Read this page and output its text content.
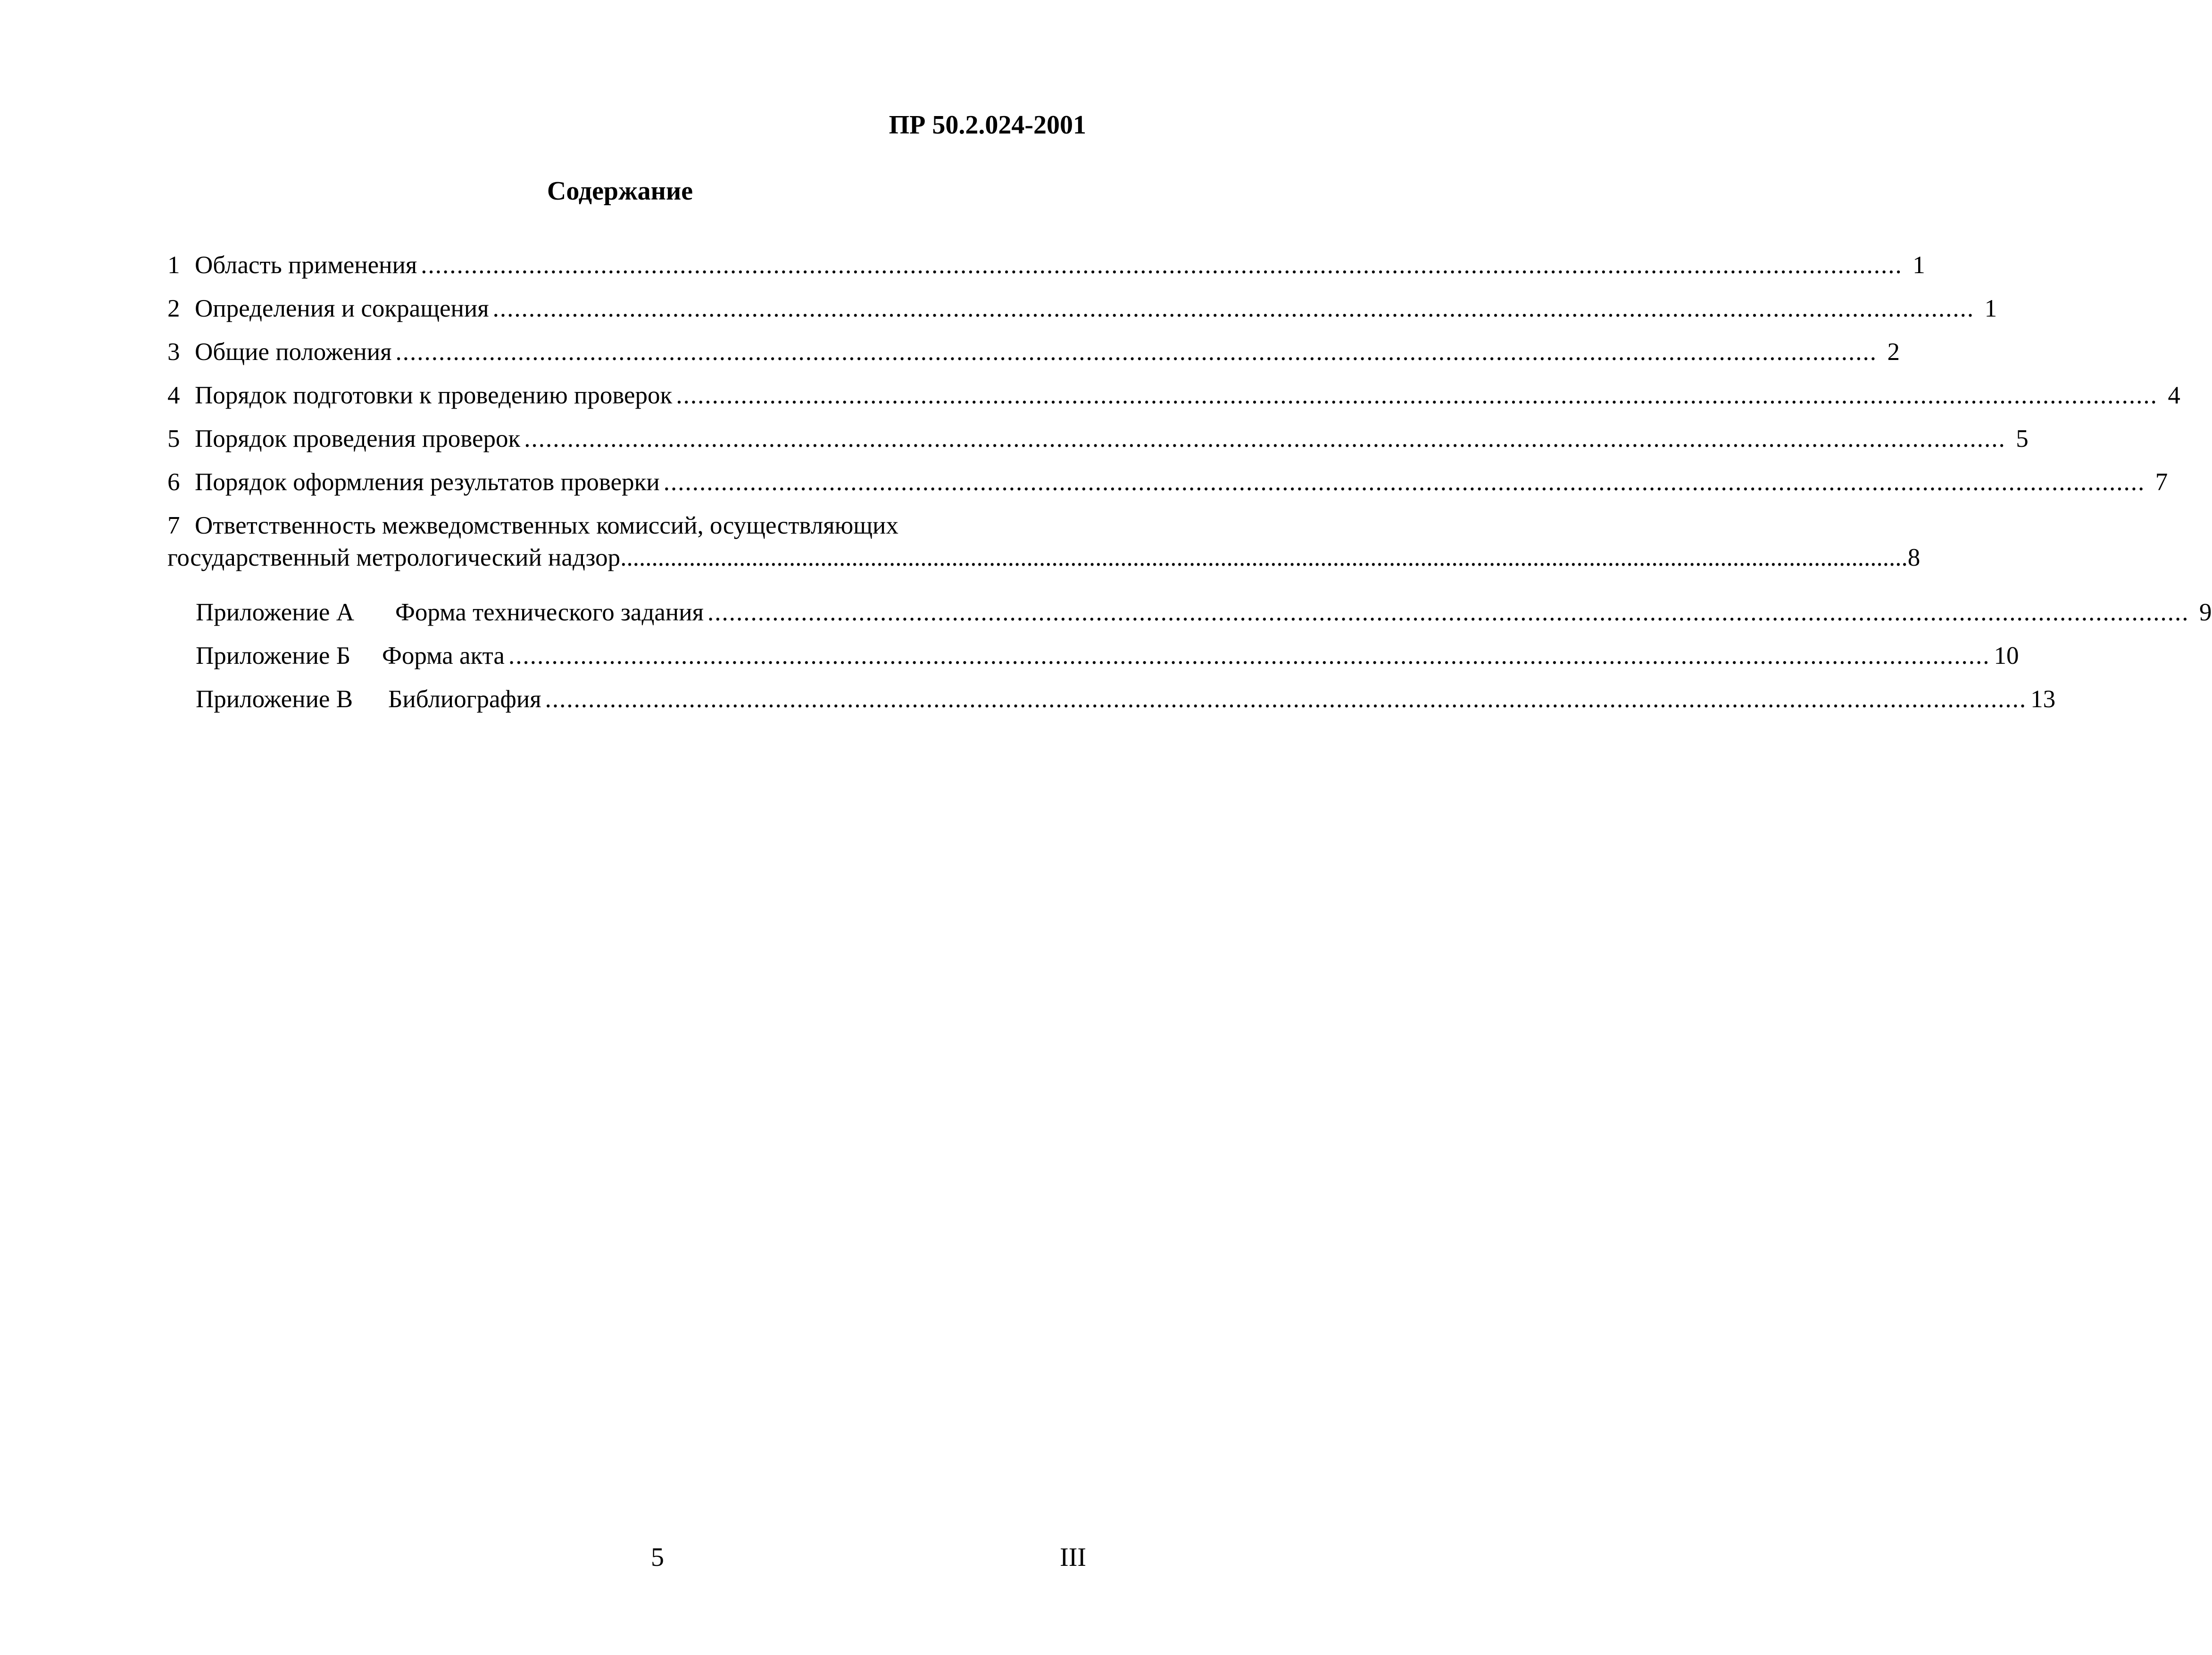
ПР 50.2.024-2001
Содержание
1 Область применения .............................................................................................................................................................................................................. 1
2 Определения и сокращения .............................................................................................................................................................................................................. 1
3 Общие положения .............................................................................................................................................................................................................. 2
4 Порядок подготовки к проведению проверок .............................................................................................................................................................................................................. 4
5 Порядок проведения проверок .............................................................................................................................................................................................................. 5
6 Порядок оформления результатов проверки .............................................................................................................................................................................................................. 7
7 Ответственность межведомственных комиссий, осуществляющих
государственный метрологический надзор .............................................................................................................................................................................................................. 8
Приложение А	Форма технического задания .............................................................................................................................................................................................................. 9
Приложение Б	Форма акта .............................................................................................................................................................................................................. 10
Приложение В	Библиография .............................................................................................................................................................................................................. 13
5	III
